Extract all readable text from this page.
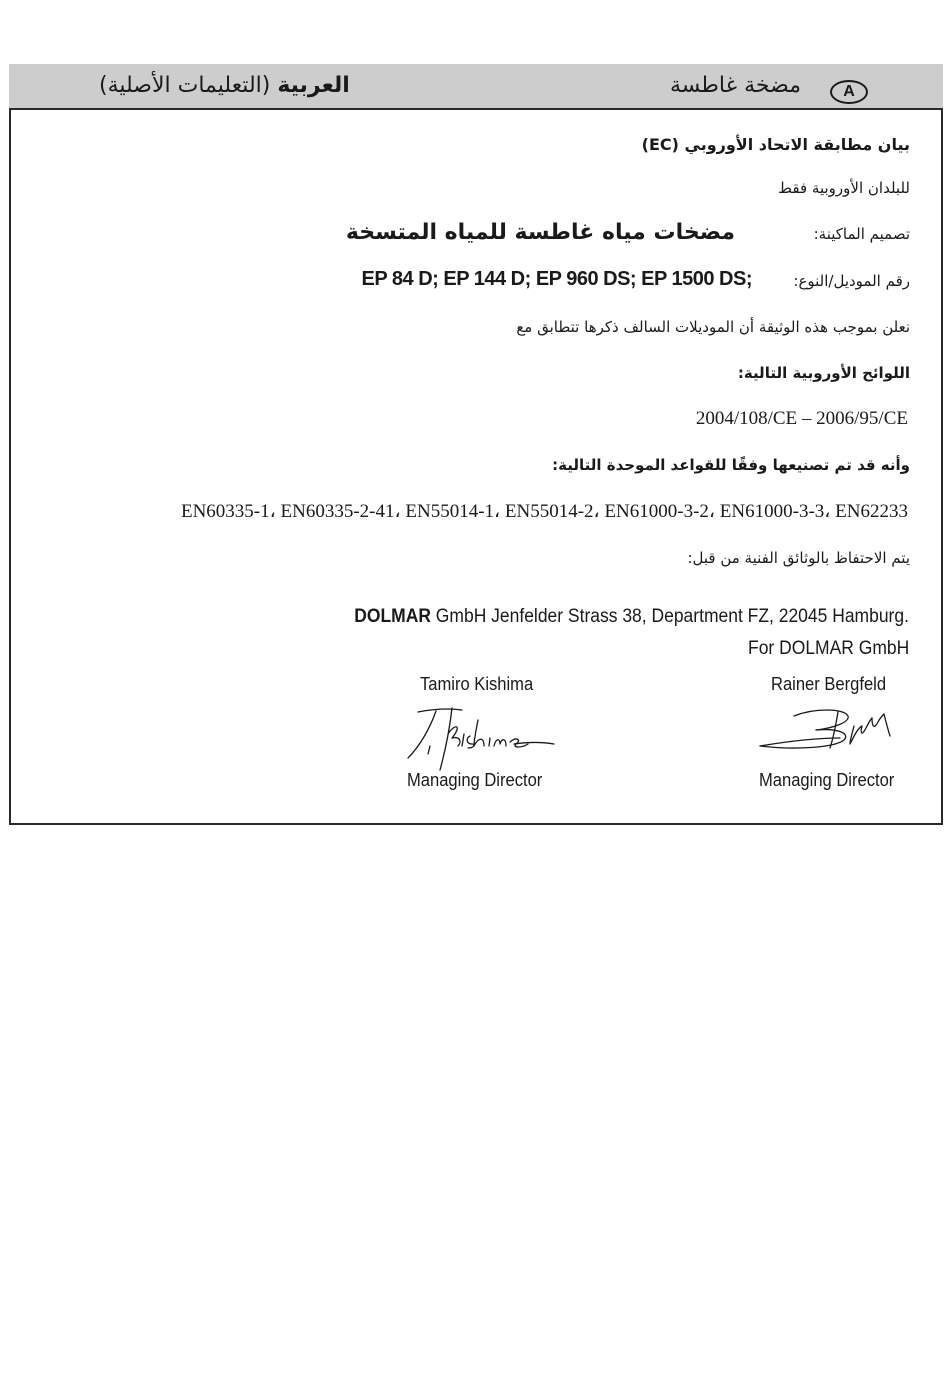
العربية (التعليمات الأصلية)	مضخة غاطسة	A
بيان مطابقة الاتحاد الأوروبي (EC)
للبلدان الأوروبية فقط
تصميم الماكينة:
مضخات مياه غاطسة للمياه المتسخة
رقم الموديل/النوع:
EP 84 D; EP 144 D; EP 960 DS; EP 1500 DS;
نعلن بموجب هذه الوثيقة أن الموديلات السالف ذكرها تتطابق مع
اللوائح الأوروبية التالية:
2004/108/CE – 2006/95/CE
وأنه قد تم تصنيعها وفقًا للقواعد الموحدة التالية:
EN60335-1، EN60335-2-41، EN55014-1، EN55014-2، EN61000-3-2، EN61000-3-3، EN62233
يتم الاحتفاظ بالوثائق الفنية من قبل:
DOLMAR GmbH Jenfelder Strass 38, Department FZ, 22045 Hamburg.
For DOLMAR GmbH
Tamiro Kishima	Rainer Bergfeld
Managing Director	Managing Director
